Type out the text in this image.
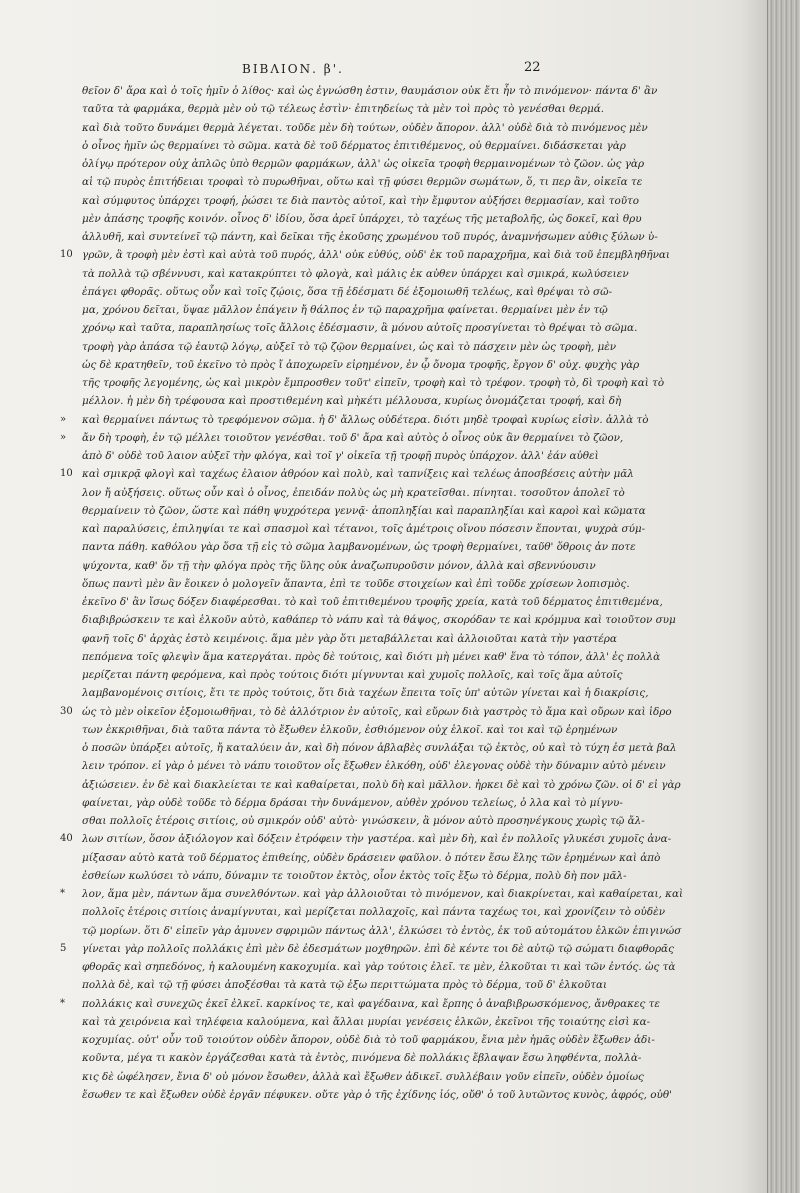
ΒΙΒΛΙΟΝ. β'.	22
θεῖον δ' ἄρα καὶ ὁ τοῖς ἡμῖν ὁ λίθος· καὶ ὡς ἐγνώσθη ἐστιν, θαυμάσιον οὐκ ἔτι ἦν τὸ πινόμενον· πάντα δ' ἂν
ταῦτα τὰ φαρμάκα, θερμὰ μὲν οὐ τῷ τέλεως ἐστὶν· ἐπιτηδείως τὰ μὲν τοὶ πρὸς τὸ γενέσθαι θερμά.
καὶ διὰ τοῦτο δυνάμει θερμὰ λέγεται. τοῦδε μὲν δὴ τούτων, οὐδὲν ἄπορον. ἀλλ' οὐδὲ διὰ τὸ πινόμενος μὲν
ὁ οἶνος ἠμῖν ὡς θερμαίνει τὸ σῶμα. κατὰ δὲ τοῦ δέρματος ἐπιτιθέμενος, οὐ θερμαίνει. διδάσκεται γὰρ
ὀλίγῳ πρότερον οὐχ ἁπλῶς ὑπὸ θερμῶν φαρμάκων, ἀλλ' ὡς οἰκεῖα τροφὴ θερμαινομένων τὸ ζῶον. ὡς γὰρ
αἱ τῷ πυρὸς ἐπιτήδειαι τροφαὶ τὸ πυρωθῆναι, οὕτω καὶ τῇ φύσει θερμῶν σωμάτων, ὅ, τι περ ἂν, οἰκεῖα τε
καὶ σύμφυτος ὑπάρχει τροφή, ῥώσει τε διὰ παντὸς αὐτοῖ, καὶ τὴν ἔμφυτον αὐξήσει θερμασίαν, καὶ τοῦτο
μὲν ἁπάσης τροφῆς κοινόν. οἶνος δ' ἰδίου, ὅσα ἀρεῖ ὑπάρχει, τὸ ταχέως τῆς μεταβολῆς, ὡς δοκεῖ, καὶ θρυ
ἀλλυθῆ, καὶ συντείνεῖ τῷ πάντη, καὶ δεῖκαι τῆς ἑκοῦσης χρωμένου τοῦ πυρός, ἀναμνήσωμεν αὐθις ξύλων ὑ-
γρῶν, ἃ τροφὴ μὲν ἐστὶ καὶ αὐτὰ τοῦ πυρός, ἀλλ' οὐκ εὐθύς, οὐδ' ἐκ τοῦ παραχρῆμα, καὶ διὰ τοῦ ἐπεμβληθῆναι
τὰ πολλὰ τῷ σβέννυσι, καὶ κατακρύπτει τὸ φλογὰ, καὶ μάλις ἐκ αὐθεν ὑπάρχει καὶ σμικρά, κωλύσειεν
ἐπάγει φθορᾶς. οὕτως οὖν καὶ τοῖς ζῴοις, ὅσα τῇ ἐδέσματι δέ ἐξομοιωθῆ τελέως, καὶ θρέψαι τὸ σῶ-
μα, χρόνου δεῖται, ὕψαε μᾶλλον ἐπάγειν ἤ θάλπος ἐν τῷ παραχρῆμα φαίνεται. θερμαίνει μὲν ἐν τῷ
χρόνῳ καὶ ταῦτα, παραπλησίως τοῖς ἄλλοις ἐδέσμασιν, ἃ μόνου αὐτοῖς προσγίνεται τὸ θρέψαι τὸ σῶμα.
τροφὴ γὰρ ἁπάσα τῷ ἑαυτῷ λόγῳ, αὐξεῖ τὸ τῷ ζῷον θερμαίνει, ὡς καὶ τὸ πάσχειν μὲν ὡς τροφὴ, μὲν
ὡς δὲ κρατηθεῖν, τοῦ ἐκεῖνο τὸ πρὸς ἴ ἀποχωρεῖν εἰρημένον, ἐν ᾧ ὄνομα τροφῆς, ἔργον δ' οὐχ. φυχὴς γὰρ
τῆς τροφῆς λεγομένης, ὡς καὶ μικρὸν ἔμπροσθεν τοῦτ' εἰπεῖν, τροφὴ καὶ τὸ τρέφον. τροφὴ τὸ, δὶ τροφὴ καὶ τὸ
μέλλον. ἡ μὲν δὴ τρέφουσα καὶ προστιθεμένη καὶ μὴκέτι μέλλουσα, κυρίως ὀνομάζεται τροφή, καὶ δὴ
καὶ θερμαίνει πάντως τὸ τρεφόμενον σῶμα. ἡ δ' ἄλλως οὐδέτερα. διότι μηδὲ τροφαὶ κυρίως εἰσὶν. ἀλλὰ τὸ
ἄν δὴ τροφὴ, ἐν τῷ μέλλει τοιοῦτον γενέσθαι. τοῦ δ' ἄρα καὶ αὐτὸς ὁ οἶνος οὐκ ἂν θερμαίνει τὸ ζῶον,
ἀπὸ δ' οὐδὲ τοῦ λαιον αὐξεῖ τὴν φλόγα, καὶ τοῖ γ' οἰκεῖα τῇ τροφῇ πυρὸς ὑπάρχον. ἀλλ' ἐάν αὐθεὶ
καὶ σμικρᾷ φλογὶ καὶ ταχέως ἐλαιον ἀθρόον καὶ πολὺ, καὶ ταπνίξεις καὶ τελέως ἀποσβέσεις αὐτὴν μᾶλ
λον ἤ αὐξήσεις. οὕτως οὖν καὶ ὁ οἶνος, ἐπειδάν πολὺς ὡς μὴ κρατεῖσθαι. πίνηται. τοσοῦτον ἀπολεῖ τὸ
θερμαίνειν τὸ ζῶον, ὥστε καὶ πάθη ψυχρότερα γεννᾷ· ἀποπληξίαι καὶ παραπληξίαι καὶ καροὶ καὶ κῶματα
καὶ παραλύσεις, ἐπιληψίαι τε καὶ σπασμοὶ καὶ τέτανοι, τοῖς ἀμέτροις οἴνου πόσεσιν ἕπονται, ψυχρὰ σύμ-
παντα πάθη. καθόλου γὰρ ὅσα τῇ εἰς τὸ σῶμα λαμβανομένων, ὡς τροφὴ θερμαίνει, ταῦθ' ὅθροις ἀν ποτε
ψύχοντα, καθ' ὅν τῇ τὴν φλόγα πρὸς τῆς ὕλης οὐκ ἀναζωπυροῦσιν μόνον, ἀλλὰ καὶ σβεννύουσιν
ὅπως παντὶ μὲν ἂν ἔοικεν ὁ μολογεῖν ἅπαντα, ἐπὶ τε τοῦδε στοιχείων καὶ ἐπὶ τοῦδε χρίσεων λοπισμὸς.
ἐκεῖνο δ' ἂν ἴσως δόξεν διαφέρεσθαι. τὸ καὶ τοῦ ἐπιτιθεμένου τροφῆς χρεία, κατὰ τοῦ δέρματος ἐπιτιθεμένα,
διαβιβρώσκειν τε καὶ ἑλκοῦν αὐτὸ, καθάπερ τὸ νάπυ καὶ τὰ θάψος, σκορόδαν τε καὶ κρόμμυα καὶ τοιοῦτον συμ
φανῆ τοῖς δ' ἀρχὰς ἐστὸ κειμένοις. ἅμα μὲν γὰρ ὅτι μεταβάλλεται καὶ ἀλλοιοῦται κατὰ τὴν γαστέρα
πεπόμενα τοῖς φλεψὶν ἅμα κατεργάται. πρὸς δὲ τούτοις, καὶ διότι μὴ μένει καθ' ἕνα τὸ τόπον, ἀλλ' ἐς πολλὰ
μερίζεται πάντη φερόμενα, καὶ πρὸς τούτοις διότι μίγνυνται καὶ χυμοῖς πολλοῖς, καὶ τοῖς ἅμα αὐτοῖς
λαμβανομένοις σιτίοις, ἔτι τε πρὸς τούτοις, ὅτι διὰ ταχέων ἔπειτα τοῖς ὑπ' αὐτῶν γίνεται καὶ ἡ διακρίσις,
ὡς τὸ μὲν οἰκεῖον ἐξομοιωθῆναι, τὸ δὲ ἀλλότριον ἐν αὐτοῖς, καὶ εὔρων διὰ γαστρὸς τὸ ἅμα καὶ οὔρων καὶ ἱδρο
των ἐκκριθῆναι, διὰ ταῦτα πάντα τὸ ἔξωθεν ἑλκοῦν, ἐσθιόμενον οὐχ ἑλκοῖ. καὶ τοι καὶ τῷ ἐρημένων
ὁ ποσῶν ὑπάρξει αὐτοῖς, ἤ καταλύειν ἀν, καὶ δὴ πόνον ἀβλαβὲς συνλάξαι τῷ ἐκτὸς, οὐ καὶ τὸ τύχη ἐσ μετὰ βαλ
λειν τρόπον. εἰ γὰρ ὁ μένει τὸ νάπυ τοιοῦτον οἷς ἔξωθεν ἑλκόθη, οὐδ' ἐλεγονας οὐδὲ τὴν δύναμιν αὐτὸ μένειν
ἀξιώσειεν. ἐν δὲ καὶ διακλείεται τε καὶ καθαίρεται, πολὺ δὴ καὶ μᾶλλον. ἠρκει δὲ καὶ τὸ χρόνω ζῶν. οἱ δ' εἰ γὰρ
φαίνεται, γὰρ οὐδὲ τοῦδε τὸ δέρμα δράσαι τὴν δυνάμενον, αὐθὲν χρόνου τελείως, ὁ λλα καὶ τὸ μίγνυ-
σθαι πολλοῖς ἑτέροις σιτίοις, οὐ σμικρόν οὐδ' αὐτὸ· γινώσκειν, ἃ μόνον αὐτὸ προσηνέγκους χωρὶς τῷ ἄλ-
λων σιτίων, ὅσον ἀξιόλογον καὶ δόξειν ἐτρόφειν τὴν γαστέρα. καὶ μὲν δὴ, καὶ ἐν πολλοῖς γλυκέσι χυμοῖς ἀνα-
μίξασαν αὐτὸ κατὰ τοῦ δέρματος ἐπιθείης, οὐδὲν δράσειεν φαῦλον. ὁ πότεν ἔσω ἔλης τῶν ἐρημένων καὶ ἀπὸ
ἐσθείων κωλύσει τὸ νάπυ, δύναμιν τε τοιοῦτον ἐκτὸς, οἷον ἐκτὸς τοῖς ἔξω τὸ δέρμα, πολὺ δὴ πον μᾶλ-
λον, ἅμα μὲν, πάντων ἅμα συνελθόντων. καὶ γὰρ ἀλλοιοῦται τὸ πινόμενον, καὶ διακρίνεται, καὶ καθαίρεται, καὶ
πολλοῖς ἑτέροις σιτίοις ἀναμίγνυται, καὶ μερίζεται πολλαχοῖς, καὶ πάντα ταχέως τοι, καὶ χρονίζειν τὸ οὐδὲν
τῷ μορίων. ὅτι δ' εἰπεῖν γὰρ ἀμυνεν σφριμῶν πάντως ἀλλ', ἐλκώσει τὸ ἐντὸς, ἐκ τοῦ αὐτομάτου ἑλκῶν ἐπιγινώσ
γίνεται γὰρ πολλοῖς πολλάκις ἐπὶ μὲν δὲ ἐδεσμάτων μοχθηρῶν. ἐπὶ δὲ κέντε τοι δὲ αὐτῷ τῷ σώματι διαφθορᾶς
φθορᾶς καὶ σηπεδόνος, ἡ καλουμένη κακοχυμία. καὶ γὰρ τούτοις ἐλεῖ. τε μὲν, ἐλκοῦται τι καὶ τῶν ἐντός. ὡς τὰ
πολλὰ δὲ, καὶ τῷ τῇ φύσει ἀποξέσθαι τὰ κατὰ τῷ ἐξω περιττώματα πρὸς τὸ δέρμα, τοῦ δ' ἑλκοῦται
πολλάκις καὶ συνεχῶς ἐκεῖ ἐλκεῖ. καρκίνος τε, καὶ φαγέδαινα, καὶ ἔρπης ὁ ἀναβιβρωσκόμενος, ἄνθρακες τε
καὶ τὰ χειρόνεια καὶ τηλέφεια καλούμενα, καὶ ἄλλαι μυρίαι γενέσεις ἑλκῶν, ἐκεῖνοι τῆς τοιαύτης εἰσὶ κα-
κοχυμίας. οὐτ' οὖν τοῦ τοιούτον οὐδὲν ἄπορον, οὐδὲ διὰ τὸ τοῦ φαρμάκου, ἔνια μὲν ἡμᾶς οὐδὲν ἔξωθεν ἀδι-
κοῦντα, μέγα τι κακὸν ἐργάζεσθαι κατὰ τὰ ἐντὸς, πινόμενα δὲ πολλάκις ἔβλαψαν ἔσω ληφθέντα, πολλὰ-
κις δὲ ὠφέλησεν, ἔνια δ' οὐ μόνον ἔσωθεν, ἀλλὰ καὶ ἔξωθεν ἀδικεῖ. συλλέβαιν γοῦν εἰπεῖν, οὐδὲν ὁμοίως
ἔσωθεν τε καὶ ἔξωθεν οὐδὲ ἐργᾶν πέφυκεν. οὔτε γὰρ ὁ τῆς ἐχίδνης ἰός, οὔθ' ὁ τοῦ λυτῶντος κυνὸς, ἀφρός, οὐθ'
10
»
»
10
30
40
*
5
*
